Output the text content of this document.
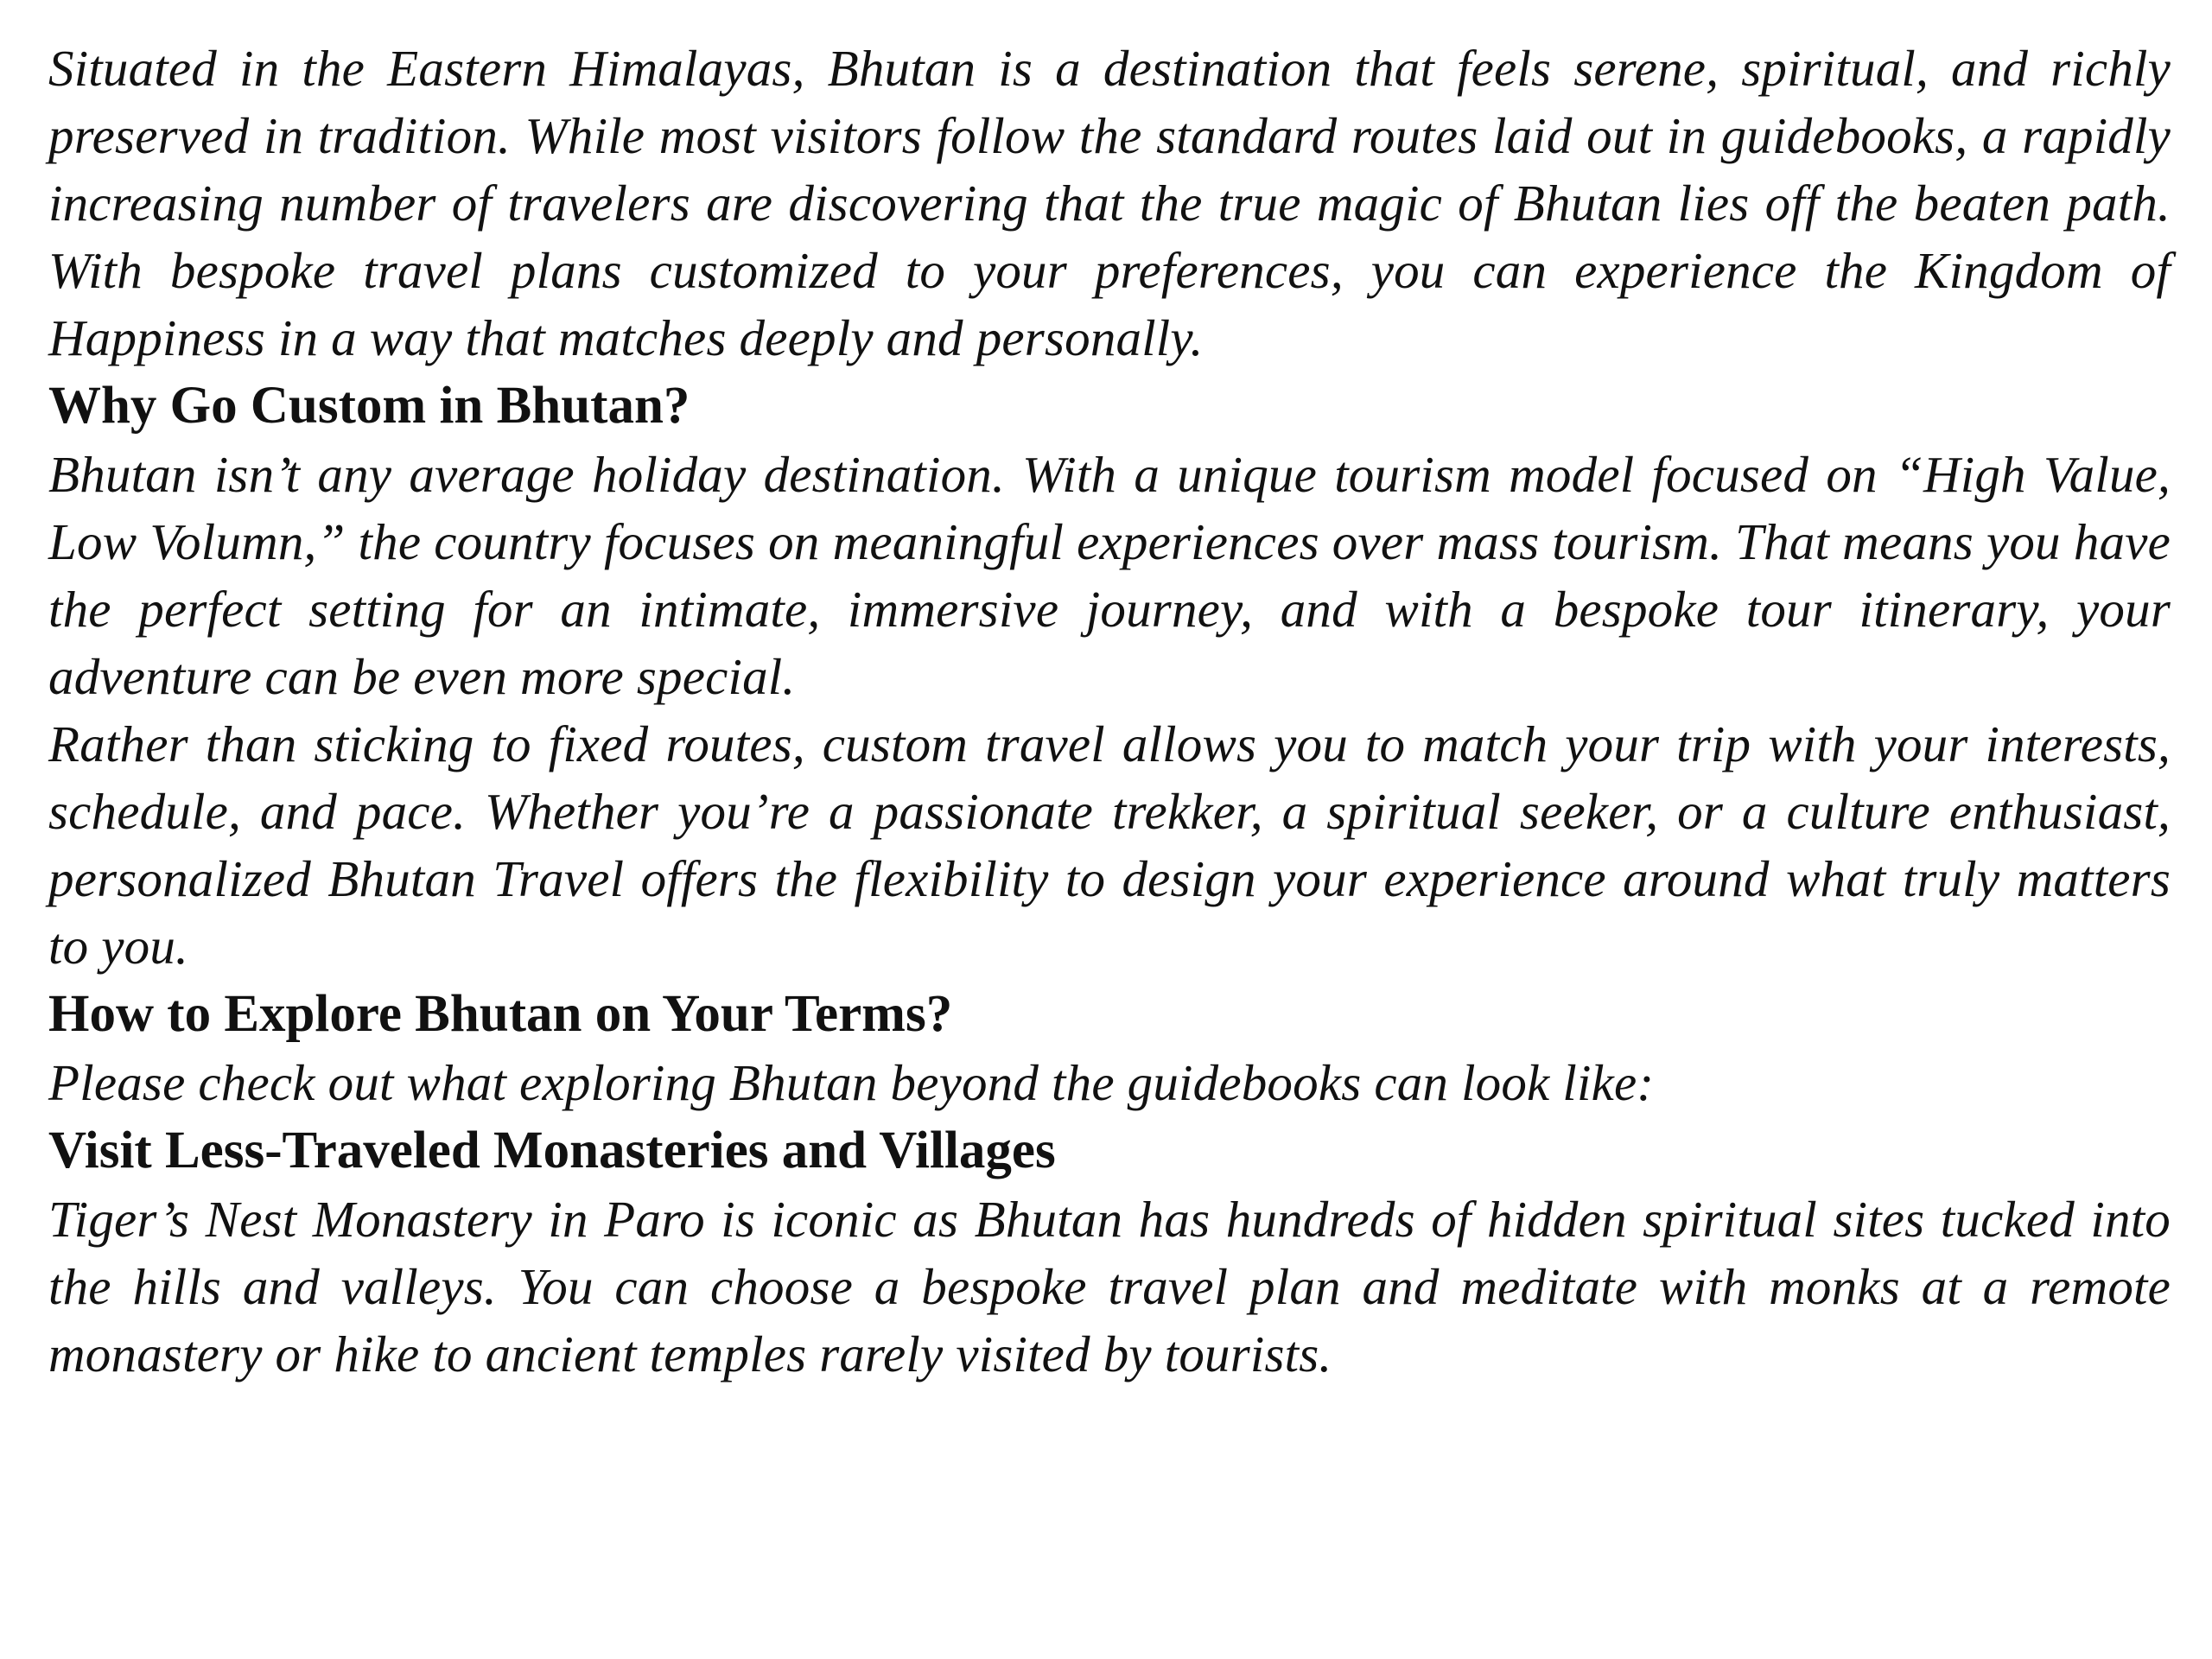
Situated in the Eastern Himalayas, Bhutan is a destination that feels serene, spiritual, and richly preserved in tradition. While most visitors follow the standard routes laid out in guidebooks, a rapidly increasing number of travelers are discovering that the true magic of Bhutan lies off the beaten path. With bespoke travel plans customized to your preferences, you can experience the Kingdom of Happiness in a way that matches deeply and personally.

Why Go Custom in Bhutan?

Bhutan isn’t any average holiday destination. With a unique tourism model focused on “High Value, Low Volumn,” the country focuses on meaningful experiences over mass tourism. That means you have the perfect setting for an intimate, immersive journey, and with a bespoke tour itinerary, your adventure can be even more special.

Rather than sticking to fixed routes, custom travel allows you to match your trip with your interests, schedule, and pace. Whether you’re a passionate trekker, a spiritual seeker, or a culture enthusiast, personalized Bhutan Travel offers the flexibility to design your experience around what truly matters to you.

How to Explore Bhutan on Your Terms?

Please check out what exploring Bhutan beyond the guidebooks can look like:

Visit Less-Traveled Monasteries and Villages

Tiger’s Nest Monastery in Paro is iconic as Bhutan has hundreds of hidden spiritual sites tucked into the hills and valleys. You can choose a bespoke travel plan and meditate with monks at a remote monastery or hike to ancient temples rarely visited by tourists.
